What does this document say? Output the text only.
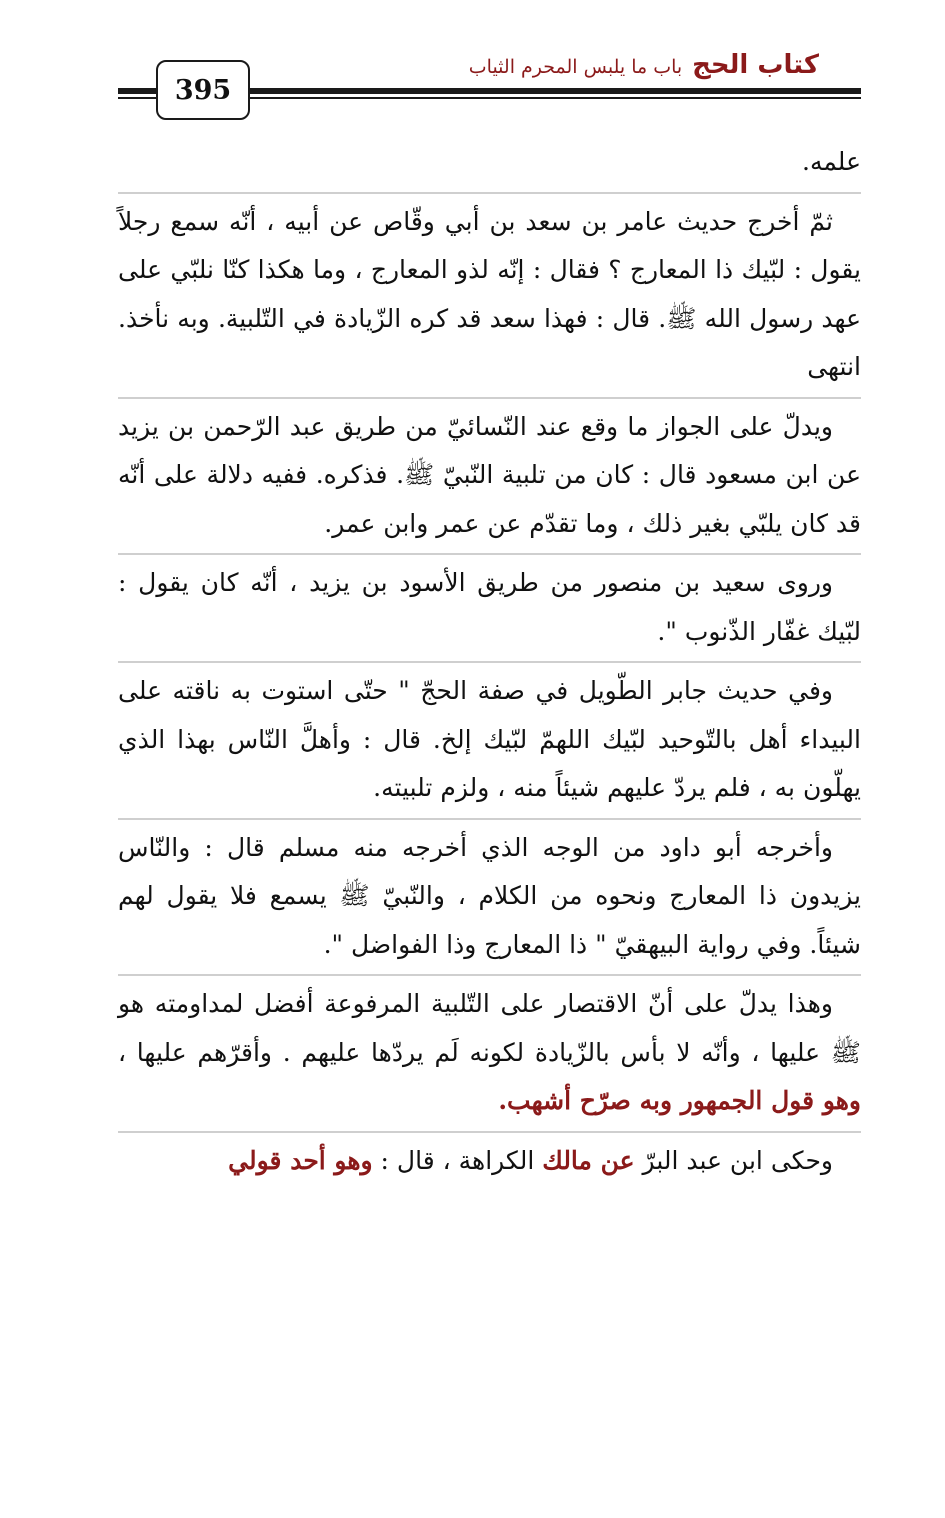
395
كتاب الحج
باب ما يلبس المحرم الثياب

علمه.

ثمّ أخرج حديث عامر بن سعد بن أبي وقّاص عن أبيه ، أنّه سمع رجلاً يقول : لبّيك ذا المعارج ؟ فقال : إنّه لذو المعارج ، وما هكذا كنّا نلبّي على عهد رسول الله ﷺ. قال : فهذا سعد قد كره الزّيادة في التّلبية. وبه نأخذ. انتهى

ويدلّ على الجواز ما وقع عند النّسائيّ من طريق عبد الرّحمن بن يزيد عن ابن مسعود قال : كان من تلبية النّبيّ ﷺ. فذكره. ففيه دلالة على أنّه قد كان يلبّي بغير ذلك ، وما تقدّم عن عمر وابن عمر.

وروى سعيد بن منصور من طريق الأسود بن يزيد ، أنّه كان يقول : لبّيك غفّار الذّنوب ".

وفي حديث جابر الطّويل في صفة الحجّ " حتّى استوت به ناقته على البيداء أهل بالتّوحيد لبّيك اللهمّ لبّيك إلخ. قال : وأهلَّ النّاس بهذا الذي يهلّون به ، فلم يردّ عليهم شيئاً منه ، ولزم تلبيته.

وأخرجه أبو داود من الوجه الذي أخرجه منه مسلم قال : والنّاس يزيدون ذا المعارج ونحوه من الكلام ، والنّبيّ ﷺ يسمع فلا يقول لهم شيئاً. وفي رواية البيهقيّ " ذا المعارج وذا الفواضل ".

وهذا يدلّ على أنّ الاقتصار على التّلبية المرفوعة أفضل لمداومته هو ﷺ عليها ، وأنّه لا بأس بالزّيادة لكونه لَم يردّها عليهم . وأقرّهم عليها ، وهو قول الجمهور وبه صرّح أشهب.

وحكى ابن عبد البرّ عن مالك الكراهة ، قال : وهو أحد قولي
